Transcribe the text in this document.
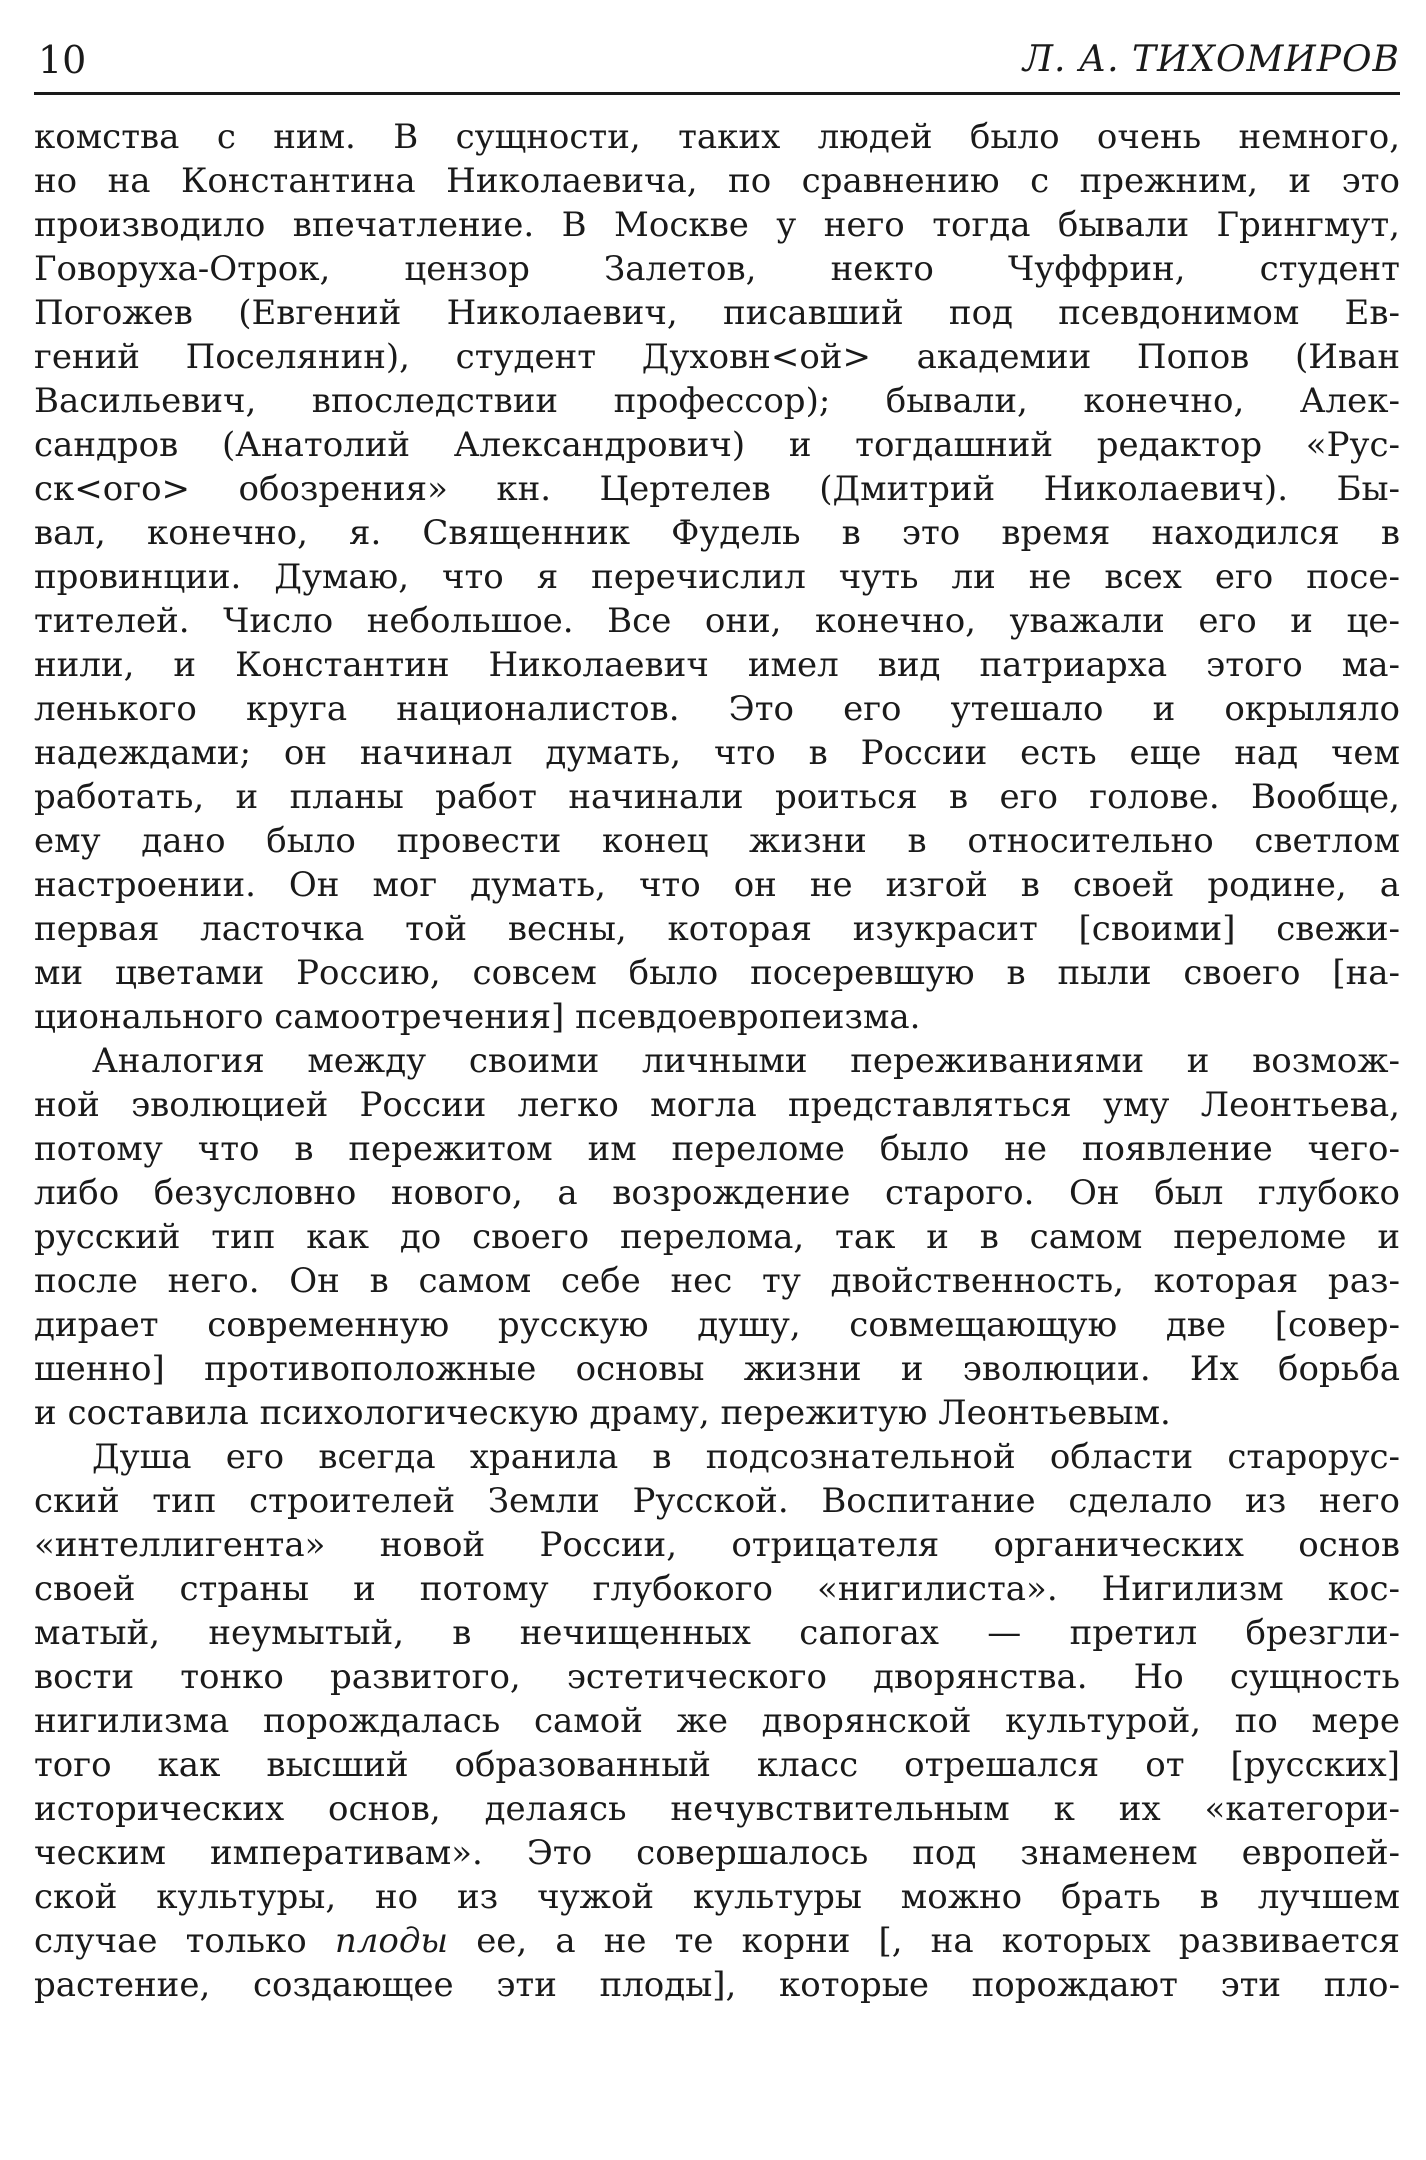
10	Л. А. ТИХОМИРОВ
комства с ним. В сущности, таких людей было очень немного,
но на Константина Николаевича, по сравнению с прежним, и это
производило впечатление. В Москве у него тогда бывали Грингмут,
Говоруха-Отрок, цензор Залетов, некто Чуффрин, студент
Погожев (Евгений Николаевич, писавший под псевдонимом Ев-
гений Поселянин), студент Духовн<ой> академии Попов (Иван
Васильевич, впоследствии профессор); бывали, конечно, Алек-
сандров (Анатолий Александрович) и тогдашний редактор «Рус-
ск<ого> обозрения» кн. Цертелев (Дмитрий Николаевич). Бы-
вал, конечно, я. Священник Фудель в это время находился в
провинции. Думаю, что я перечислил чуть ли не всех его посе-
тителей. Число небольшое. Все они, конечно, уважали его и це-
нили, и Константин Николаевич имел вид патриарха этого ма-
ленького круга националистов. Это его утешало и окрыляло
надеждами; он начинал думать, что в России есть еще над чем
работать, и планы работ начинали роиться в его голове. Вообще,
ему дано было провести конец жизни в относительно светлом
настроении. Он мог думать, что он не изгой в своей родине, а
первая ласточка той весны, которая изукрасит [своими] свежи-
ми цветами Россию, совсем было посеревшую в пыли своего [на-
ционального самоотречения] псевдоевропеизма.
Аналогия между своими личными переживаниями и возмож-
ной эволюцией России легко могла представляться уму Леонтьева,
потому что в пережитом им переломе было не появление чего-
либо безусловно нового, а возрождение старого. Он был глубоко
русский тип как до своего перелома, так и в самом переломе и
после него. Он в самом себе нес ту двойственность, которая раз-
дирает современную русскую душу, совмещающую две [совер-
шенно] противоположные основы жизни и эволюции. Их борьба
и составила психологическую драму, пережитую Леонтьевым.
Душа его всегда хранила в подсознательной области старорус-
ский тип строителей Земли Русской. Воспитание сделало из него
«интеллигента» новой России, отрицателя органических основ
своей страны и потому глубокого «нигилиста». Нигилизм кос-
матый, неумытый, в нечищенных сапогах — претил брезгли-
вости тонко развитого, эстетического дворянства. Но сущность
нигилизма порождалась самой же дворянской культурой, по мере
того как высший образованный класс отрешался от [русских]
исторических основ, делаясь нечувствительным к их «категори-
ческим императивам». Это совершалось под знаменем европей-
ской культуры, но из чужой культуры можно брать в лучшем
случае только плоды ее, а не те корни [, на которых развивается
растение, создающее эти плоды], которые порождают эти пло-
